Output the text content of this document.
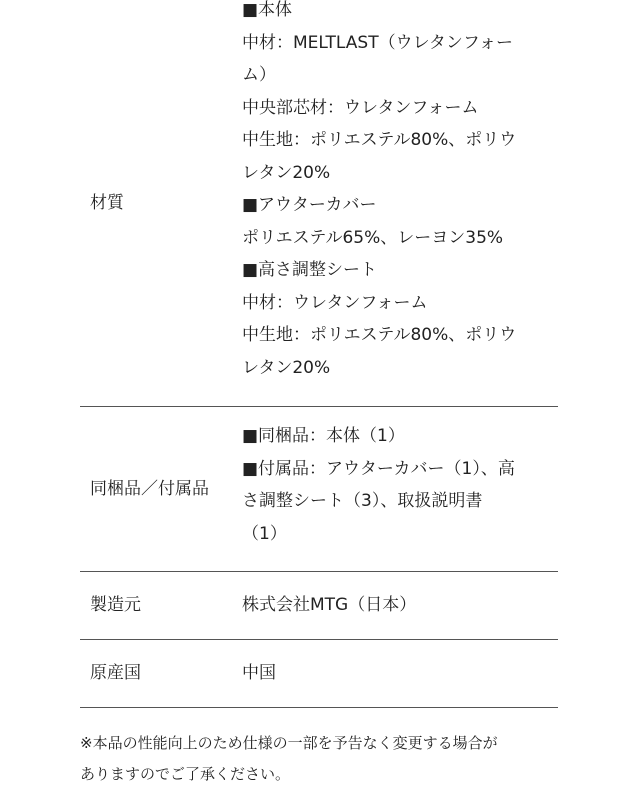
材質
■本体
中材：MELTLAST（ウレタンフォー
ム）
中央部芯材：ウレタンフォーム
中生地：ポリエステル80%、ポリウ
レタン20%
■アウターカバー
ポリエステル65%、レーヨン35%
■高さ調整シート
中材：ウレタンフォーム
中生地：ポリエステル80%、ポリウ
レタン20%
同梱品／付属品
■同梱品：本体（1）
■付属品：アウターカバー（1）、高
さ調整シート（3）、取扱説明書
（1）
製造元	株式会社MTG（日本）
原産国	中国
※本品の性能向上のため仕様の一部を予告なく変更する場合が
ありますのでご了承ください。
